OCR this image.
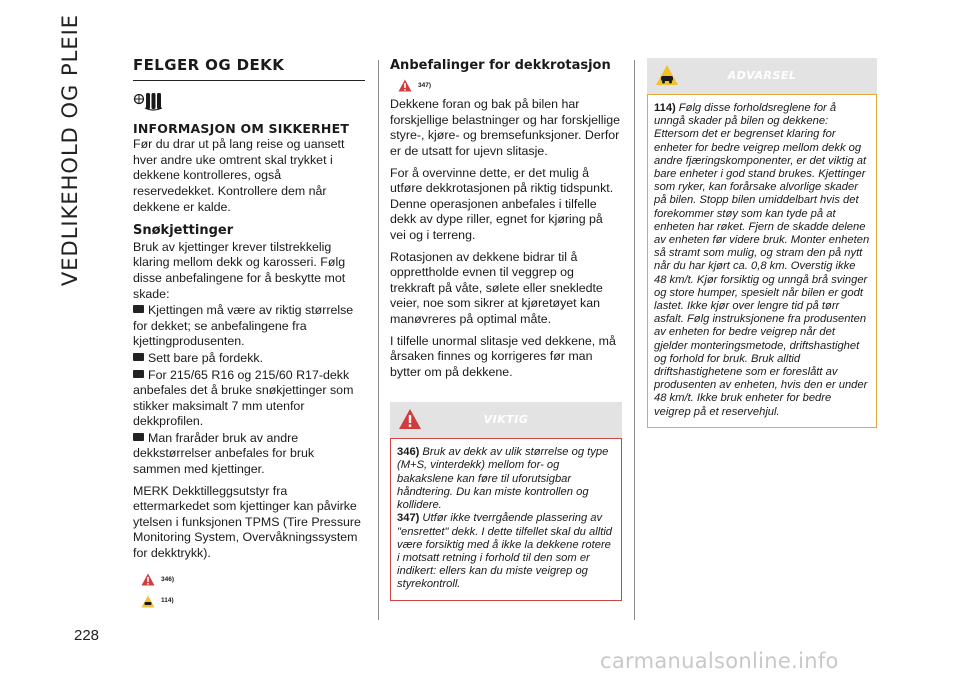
VEDLIKEHOLD OG PLEIE
228
FELGER OG DEKK
INFORMASJON OM SIKKERHET

Før du drar ut på lang reise og uansett hver andre uke omtrent skal trykket i dekkene kontrolleres, også reservedekket. Kontrollere dem når dekkene er kalde.

Snøkjettinger

Bruk av kjettinger krever tilstrekkelig klaring mellom dekk og karosseri. Følg disse anbefalingene for å beskytte mot skade:

Kjettingen må være av riktig størrelse for dekket; se anbefalingene fra kjettingprodusenten.

Sett bare på fordekk.

For 215/65 R16 og 215/60 R17-dekk anbefales det å bruke snøkjettinger som stikker maksimalt 7 mm utenfor dekkprofilen.

Man fraråder bruk av andre dekkstørrelser anbefales for bruk sammen med kjettinger.

MERK Dekktilleggsutstyr fra ettermarkedet som kjettinger kan påvirke ytelsen i funksjonen TPMS (Tire Pressure Monitoring System, Overvåkningssystem for dekktrykk).

346)
114)
Anbefalinger for dekkrotasjon
347)

Dekkene foran og bak på bilen har forskjellige belastninger og har forskjellige styre-, kjøre- og bremsefunksjoner. Derfor er de utsatt for ujevn slitasje.

For å overvinne dette, er det mulig å utføre dekkrotasjonen på riktig tidspunkt. Denne operasjonen anbefales i tilfelle dekk av dype riller, egnet for kjøring på vei og i terreng.

Rotasjonen av dekkene bidrar til å opprettholde evnen til veggrep og trekkraft på våte, sølete eller snekledte veier, noe som sikrer at kjøretøyet kan manøvreres på optimal måte.

I tilfelle unormal slitasje ved dekkene, må årsaken finnes og korrigeres før man bytter om på dekkene.

VIKTIG
346) Bruk av dekk av ulik størrelse og type (M+S, vinterdekk) mellom for- og bakakslene kan føre til uforutsigbar håndtering. Du kan miste kontrollen og kollidere.
347) Utfør ikke tverrgående plassering av "ensrettet" dekk. I dette tilfellet skal du alltid være forsiktig med å ikke la dekkene rotere i motsatt retning i forhold til den som er indikert: ellers kan du miste veigrep og styrekontroll.
ADVARSEL
114) Følg disse forholdsreglene for å unngå skader på bilen og dekkene: Ettersom det er begrenset klaring for enheter for bedre veigrep mellom dekk og andre fjæringskomponenter, er det viktig at bare enheter i god stand brukes. Kjettinger som ryker, kan forårsake alvorlige skader på bilen. Stopp bilen umiddelbart hvis det forekommer støy som kan tyde på at enheten har røket. Fjern de skadde delene av enheten før videre bruk. Monter enheten så stramt som mulig, og stram den på nytt når du har kjørt ca. 0,8 km. Overstig ikke 48 km/t. Kjør forsiktig og unngå brå svinger og store humper, spesielt når bilen er godt lastet. Ikke kjør over lengre tid på tørr asfalt. Følg instruksjonene fra produsenten av enheten for bedre veigrep når det gjelder monteringsmetode, driftshastighet og forhold for bruk. Bruk alltid driftshastighetene som er foreslått av produsenten av enheten, hvis den er under 48 km/t. Ikke bruk enheter for bedre veigrep på et reservehjul.
carmanualsonline.info
